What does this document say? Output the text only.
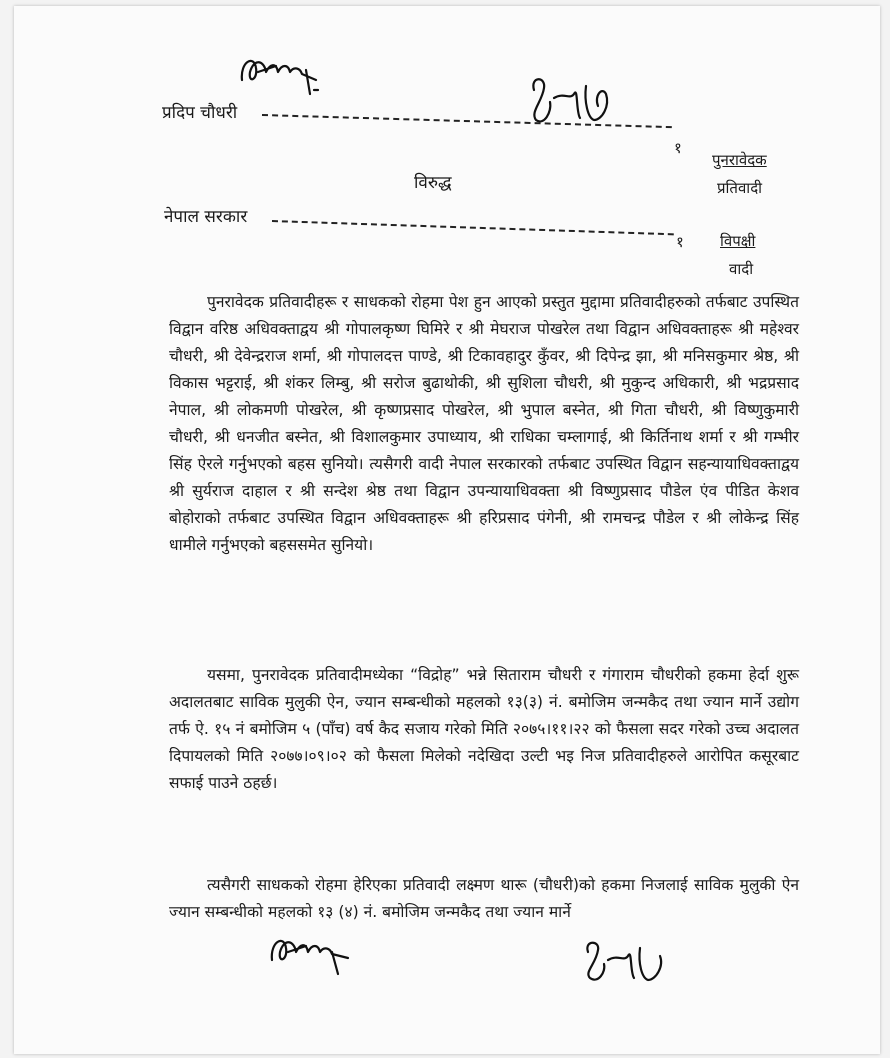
प्रदिप चौधरी
१
पुनरावेदक
प्रतिवादी
विरुद्ध
नेपाल सरकार
१ विपक्षी
वादी
पुनरावेदक प्रतिवादीहरू र साधकको रोहमा पेश हुन आएको प्रस्तुत मुद्दामा प्रतिवादीहरुको तर्फबाट उपस्थित विद्वान वरिष्ठ अधिवक्ताद्वय श्री गोपालकृष्ण घिमिरे र श्री मेघराज पोखरेल तथा विद्वान अधिवक्ताहरू श्री महेश्वर चौधरी, श्री देवेन्द्रराज शर्मा, श्री गोपालदत्त पाण्डे, श्री टिकावहादुर कुँवर, श्री दिपेन्द्र झा, श्री मनिसकुमार श्रेष्ठ, श्री विकास भट्टराई, श्री शंकर लिम्बु, श्री सरोज बुढाथोकी, श्री सुशिला चौधरी, श्री मुकुन्द अधिकारी, श्री भद्रप्रसाद नेपाल, श्री लोकमणी पोखरेल, श्री कृष्णप्रसाद पोखरेल, श्री भुपाल बस्नेत, श्री गिता चौधरी, श्री विष्णुकुमारी चौधरी, श्री धनजीत बस्नेत, श्री विशालकुमार उपाध्याय, श्री राधिका चम्लागाई, श्री किर्तिनाथ शर्मा र श्री गम्भीर सिंह ऐरले गर्नुभएको बहस सुनियो। त्यसैगरी वादी नेपाल सरकारको तर्फबाट उपस्थित विद्वान सहन्यायाधिवक्ताद्वय श्री सुर्यराज दाहाल र श्री सन्देश श्रेष्ठ तथा विद्वान उपन्यायाधिवक्ता श्री विष्णुप्रसाद पौडेल एंव पीडित केशव बोहोराको तर्फबाट उपस्थित विद्वान अधिवक्ताहरू श्री हरिप्रसाद पंगेनी, श्री रामचन्द्र पौडेल र श्री लोकेन्द्र सिंह धामीले गर्नुभएको बहससमेत सुनियो।
यसमा, पुनरावेदक प्रतिवादीमध्येका “विद्रोह” भन्ने सिताराम चौधरी र गंगाराम चौधरीको हकमा हेर्दा शुरू अदालतबाट साविक मुलुकी ऐन, ज्यान सम्बन्धीको महलको १३(३) नं. बमोजिम जन्मकैद तथा ज्यान मार्ने उद्योग तर्फ ऐ. १५ नं बमोजिम ५ (पाँच) वर्ष कैद सजाय गरेको मिति २०७५।११।२२ को फैसला सदर गरेको उच्च अदालत दिपायलको मिति २०७७।०९।०२ को फैसला मिलेको नदेखिदा उल्टी भइ निज प्रतिवादीहरुले आरोपित कसूरबाट सफाई पाउने ठहर्छ।
त्यसैगरी साधकको रोहमा हेरिएका प्रतिवादी लक्ष्मण थारू (चौधरी)को हकमा निजलाई साविक मुलुकी ऐन ज्यान सम्बन्धीको महलको १३ (४) नं. बमोजिम जन्मकैद तथा ज्यान मार्ने
